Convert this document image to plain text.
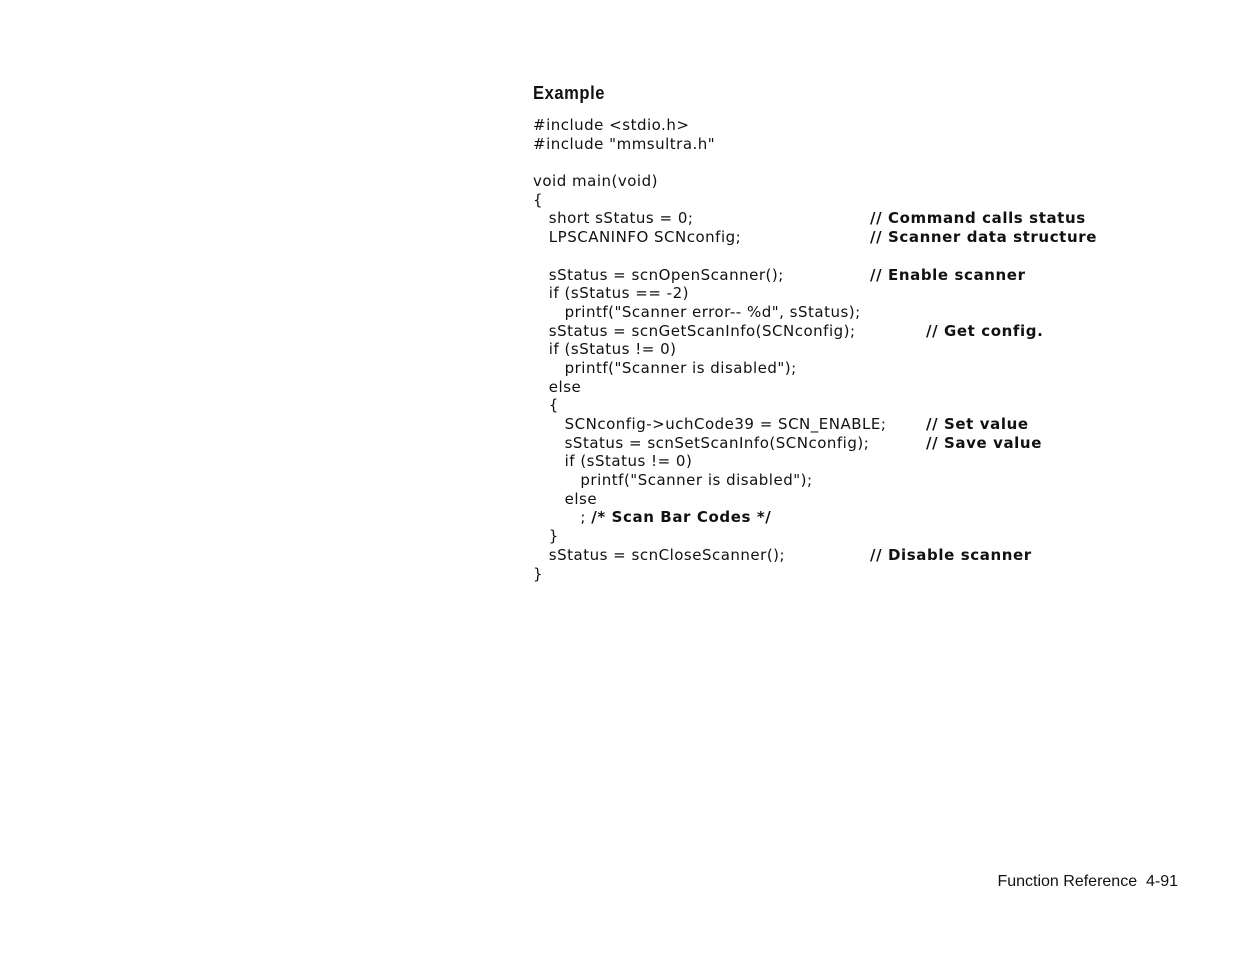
Example

#include <stdio.h>

#include "mmsultra.h"

void main(void)

{

short sStatus = 0;

	// Command calls status

LPSCANINFO SCNconfig;

	// Scanner data structure

sStatus = scnOpenScanner();

	// Enable scanner

if (sStatus == -2)

printf("Scanner error-- %d", sStatus);

sStatus = scnGetScanInfo(SCNconfig);

	// Get config.

if (sStatus != 0)

printf("Scanner is disabled");

else

{

SCNconfig->uchCode39 = SCN_ENABLE;

	// Set value

sStatus = scnSetScanInfo(SCNconfig);

	// Save value

if (sStatus != 0)

printf("Scanner is disabled");

else

; /* Scan Bar Codes */

}

sStatus = scnCloseScanner();

	// Disable scanner

}

Function Reference  4-91
